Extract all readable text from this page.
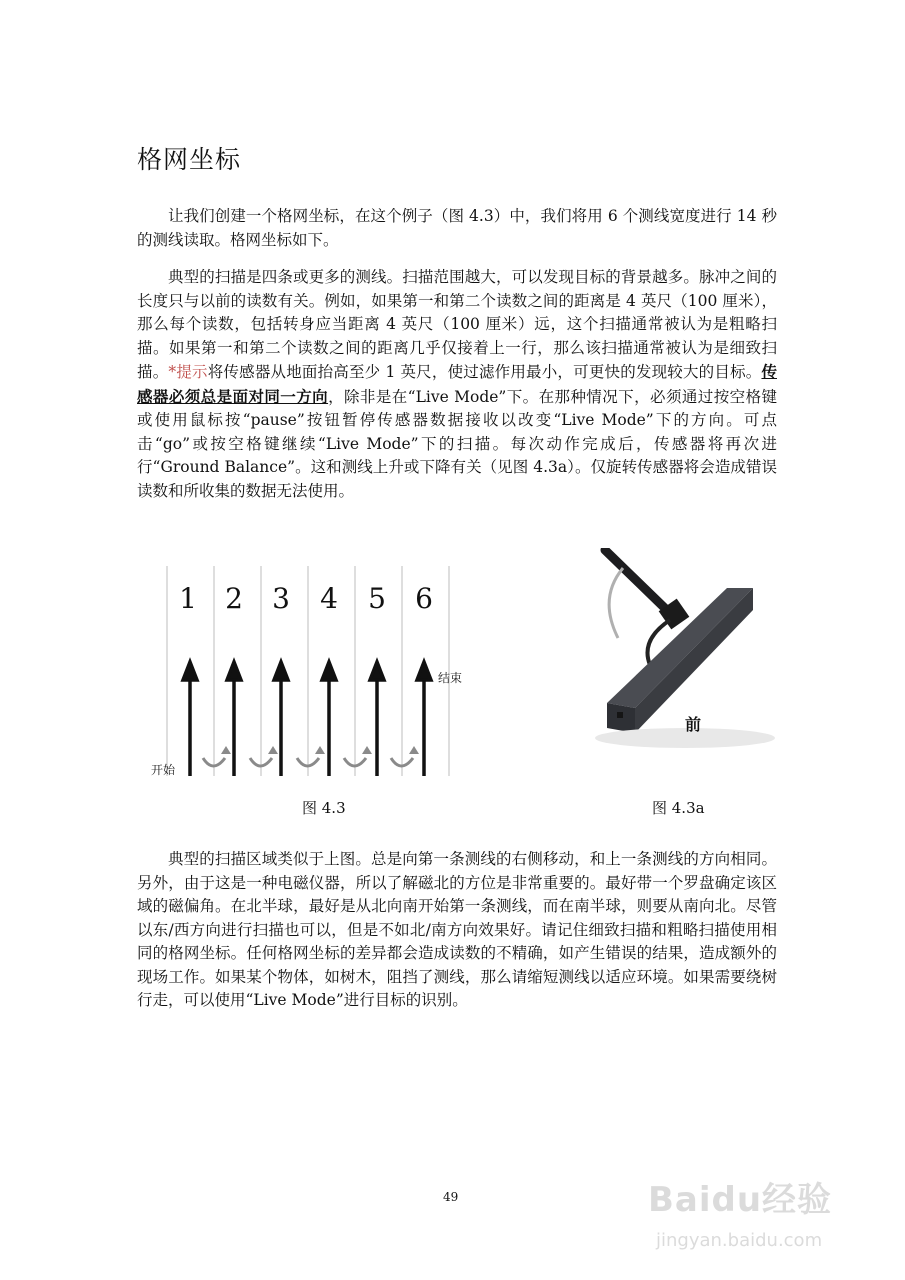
格网坐标

让我们创建一个格网坐标，在这个例子（图 4.3）中，我们将用 6 个测线宽度进行 14 秒的测线读取。格网坐标如下。

典型的扫描是四条或更多的测线。扫描范围越大，可以发现目标的背景越多。脉冲之间的长度只与以前的读数有关。例如，如果第一和第二个读数之间的距离是 4 英尺（100 厘米），那么每个读数，包括转身应当距离 4 英尺（100 厘米）远，这个扫描通常被认为是粗略扫描。如果第一和第二个读数之间的距离几乎仅接着上一行，那么该扫描通常被认为是细致扫描。*提示将传感器从地面抬高至少 1 英尺，使过滤作用最小，可更快的发现较大的目标。传感器必须总是面对同一方向，除非是在“Live Mode”下。在那种情况下，必须通过按空格键或使用鼠标按“pause”按钮暂停传感器数据接收以改变“Live Mode”下的方向。可点击“go”或按空格键继续“Live Mode”下的扫描。每次动作完成后，传感器将再次进行“Ground Balance”。这和测线上升或下降有关（见图 4.3a）。仅旋转传感器将会造成错误读数和所收集的数据无法使用。

1 2 3 4 5 6
开始
结束
前
图 4.3	图 4.3a

典型的扫描区域类似于上图。总是向第一条测线的右侧移动，和上一条测线的方向相同。另外，由于这是一种电磁仪器，所以了解磁北的方位是非常重要的。最好带一个罗盘确定该区域的磁偏角。在北半球，最好是从北向南开始第一条测线，而在南半球，则要从南向北。尽管以东/西方向进行扫描也可以，但是不如北/南方向效果好。请记住细致扫描和粗略扫描使用相同的格网坐标。任何格网坐标的差异都会造成读数的不精确，如产生错误的结果，造成额外的现场工作。如果某个物体，如树木，阻挡了测线，那么请缩短测线以适应环境。如果需要绕树行走，可以使用“Live Mode”进行目标的识别。

49	Baidu经验
jingyan.baidu.com
